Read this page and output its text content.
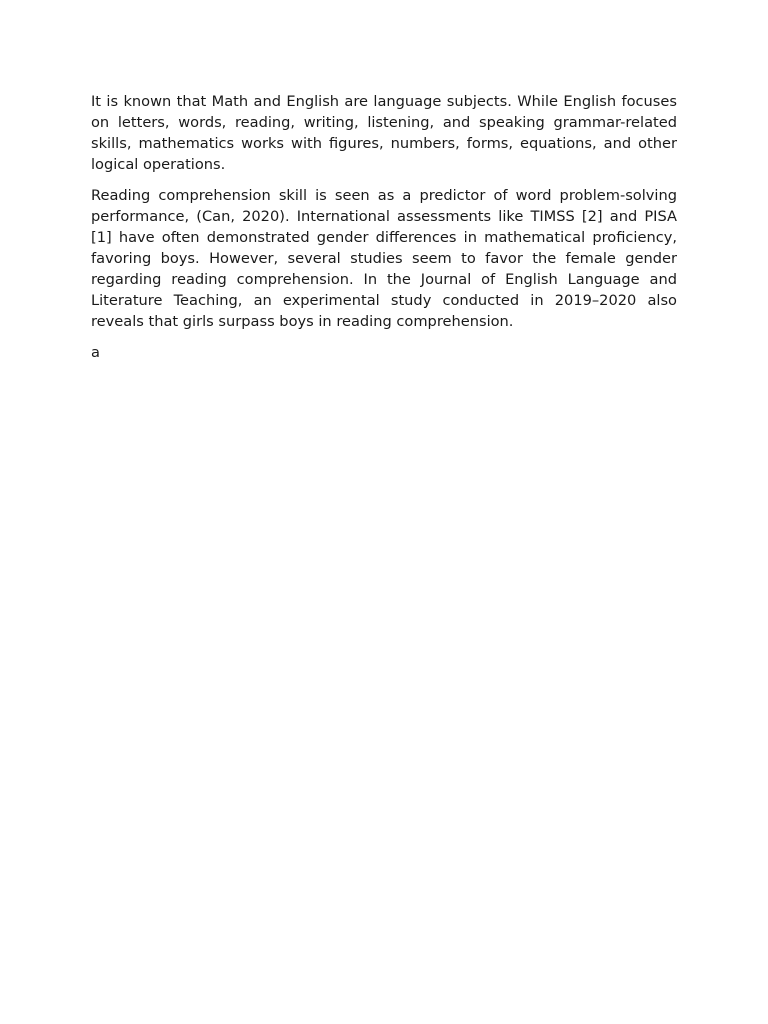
It is known that Math and English are language subjects. While English focuses on letters, words, reading, writing, listening, and speaking grammar-related skills, mathematics works with figures, numbers, forms, equations, and other logical operations.

Reading comprehension skill is seen as a predictor of word problem-solving performance, (Can, 2020). International assessments like TIMSS [2] and PISA [1] have often demonstrated gender differences in mathematical proficiency, favoring boys. However, several studies seem to favor the female gender regarding reading comprehension. In the Journal of English Language and Literature Teaching, an experimental study conducted in 2019–2020 also reveals that girls surpass boys in reading comprehension.

a
